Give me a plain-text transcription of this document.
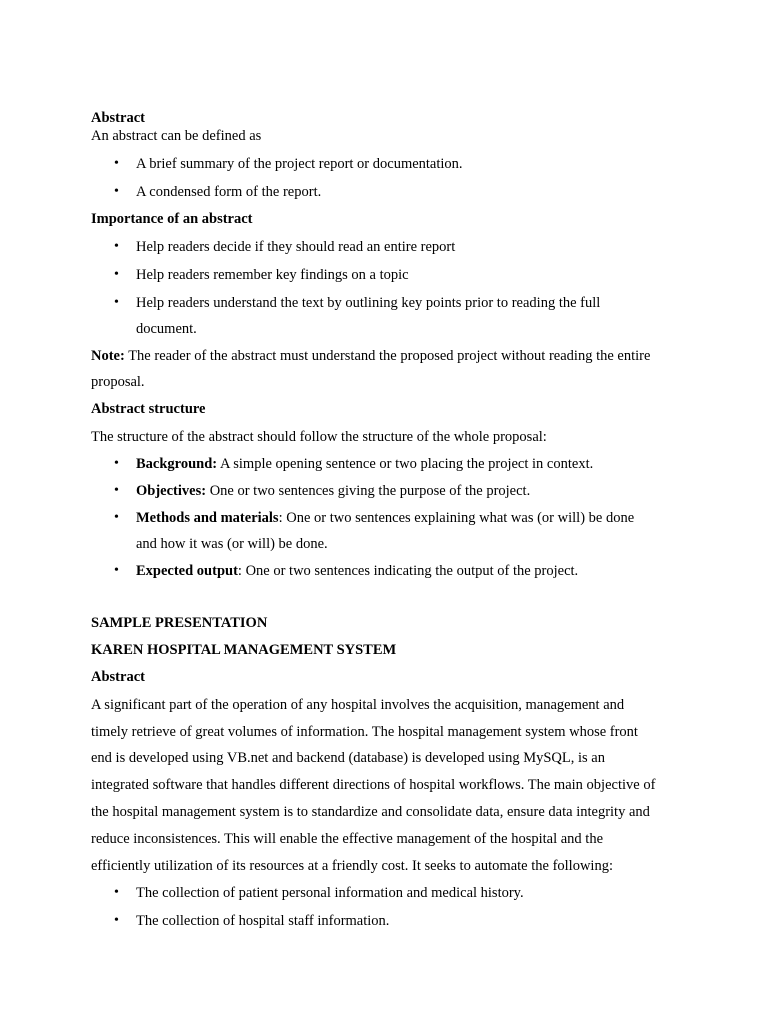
Abstract
An abstract can be defined as
• A brief summary of the project report or documentation.
• A condensed form of the report.
Importance of an abstract
• Help readers decide if they should read an entire report
• Help readers remember key findings on a topic
• Help readers understand the text by outlining key points prior to reading the full
document.
Note: The reader of the abstract must understand the proposed project without reading the entire
proposal.
Abstract structure
The structure of the abstract should follow the structure of the whole proposal:
• Background: A simple opening sentence or two placing the project in context.
• Objectives: One or two sentences giving the purpose of the project.
• Methods and materials: One or two sentences explaining what was (or will) be done
and how it was (or will) be done.
• Expected output: One or two sentences indicating the output of the project.
SAMPLE PRESENTATION
KAREN HOSPITAL MANAGEMENT SYSTEM
Abstract
A significant part of the operation of any hospital involves the acquisition, management and
timely retrieve of great volumes of information. The hospital management system whose front
end is developed using VB.net and backend (database) is developed using MySQL, is an
integrated software that handles different directions of hospital workflows. The main objective of
the hospital management system is to standardize and consolidate data, ensure data integrity and
reduce inconsistences. This will enable the effective management of the hospital and the
efficiently utilization of its resources at a friendly cost. It seeks to automate the following:
• The collection of patient personal information and medical history.
• The collection of hospital staff information.
